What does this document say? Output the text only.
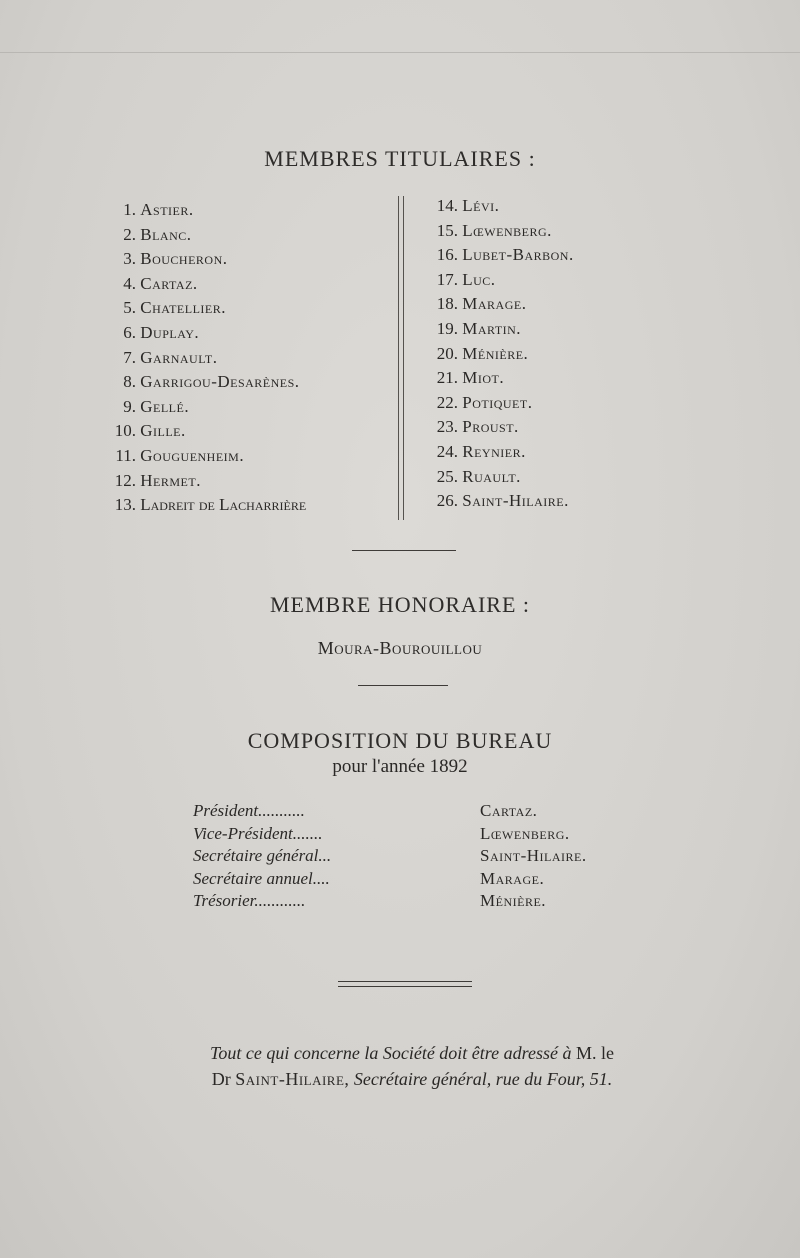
MEMBRES TITULAIRES :
1. Astier.
2. Blanc.
3. Boucheron.
4. Cartaz.
5. Chatellier.
6. Duplay.
7. Garnault.
8. Garrigou-Desarènes.
9. Gellé.
10. Gille.
11. Gouguenheim.
12. Hermet.
13. Ladreit de Lacharrière
14. Lévi.
15. Lœwenberg.
16. Lubet-Barbon.
17. Luc.
18. Marage.
19. Martin.
20. Ménière.
21. Miot.
22. Potiquet.
23. Proust.
24. Reynier.
25. Ruault.
26. Saint-Hilaire.
MEMBRE HONORAIRE :
Moura-Bourouillou
COMPOSITION DU BUREAU
pour l'année 1892
Président...........
Vice-Président.......
Secrétaire général...
Secrétaire annuel....
Trésorier............
Cartaz.
Lœwenberg.
Saint-Hilaire.
Marage.
Ménière.
Tout ce qui concerne la Société doit être adressé à M. le
Dr Saint-Hilaire, Secrétaire général, rue du Four, 51.
